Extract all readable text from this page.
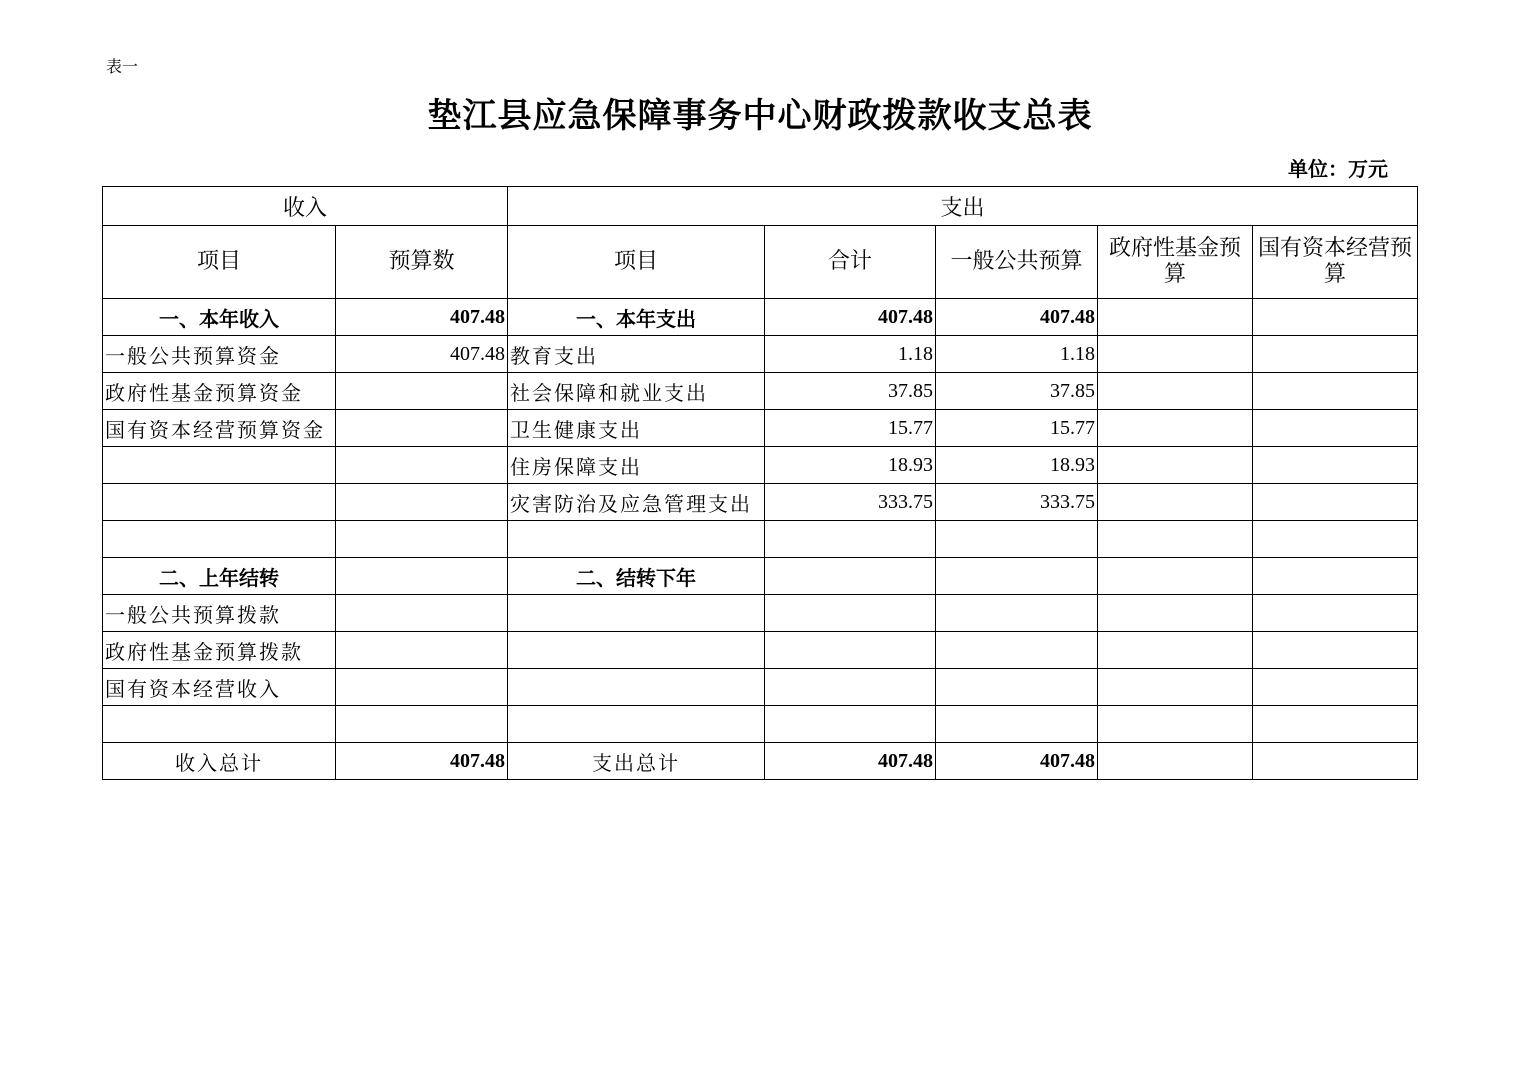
表一
垫江县应急保障事务中心财政拨款收支总表
单位：万元
收入		支出				
项目	预算数	项目	合计	一般公共预算	政府性基金预算	国有资本经营预算
一、本年收入	407.48	一、本年支出	407.48	407.48		
一般公共预算资金	407.48	教育支出	1.18	1.18		
政府性基金预算资金		社会保障和就业支出	37.85	37.85		
国有资本经营预算资金		卫生健康支出	15.77	15.77		
		住房保障支出	18.93	18.93		
		灾害防治及应急管理支出	333.75	333.75		

二、上年结转		二、结转下年				
一般公共预算拨款						
政府性基金预算拨款						
国有资本经营收入						

收入总计	407.48	支出总计	407.48	407.48		
